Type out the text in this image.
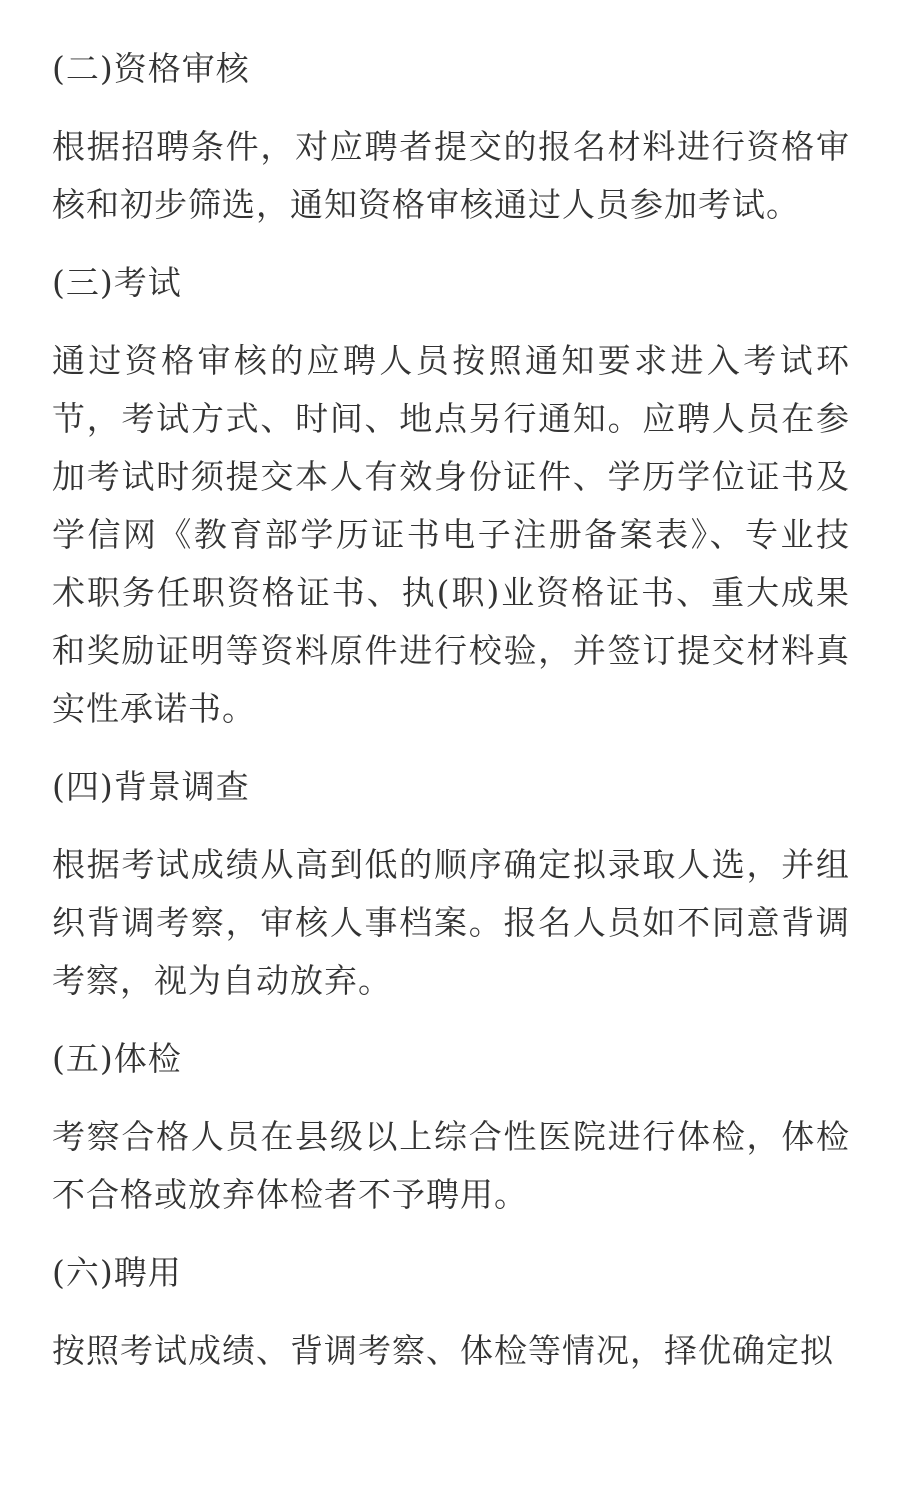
(二)资格审核

根据招聘条件，对应聘者提交的报名材料进行资格审核和初步筛选，通知资格审核通过人员参加考试。

(三)考试

通过资格审核的应聘人员按照通知要求进入考试环节，考试方式、时间、地点另行通知。应聘人员在参加考试时须提交本人有效身份证件、学历学位证书及学信网《教育部学历证书电子注册备案表》、专业技术职务任职资格证书、执(职)业资格证书、重大成果和奖励证明等资料原件进行校验，并签订提交材料真实性承诺书。

(四)背景调查

根据考试成绩从高到低的顺序确定拟录取人选，并组织背调考察，审核人事档案。报名人员如不同意背调考察，视为自动放弃。

(五)体检

考察合格人员在县级以上综合性医院进行体检，体检不合格或放弃体检者不予聘用。

(六)聘用

按照考试成绩、背调考察、体检等情况，择优确定拟
